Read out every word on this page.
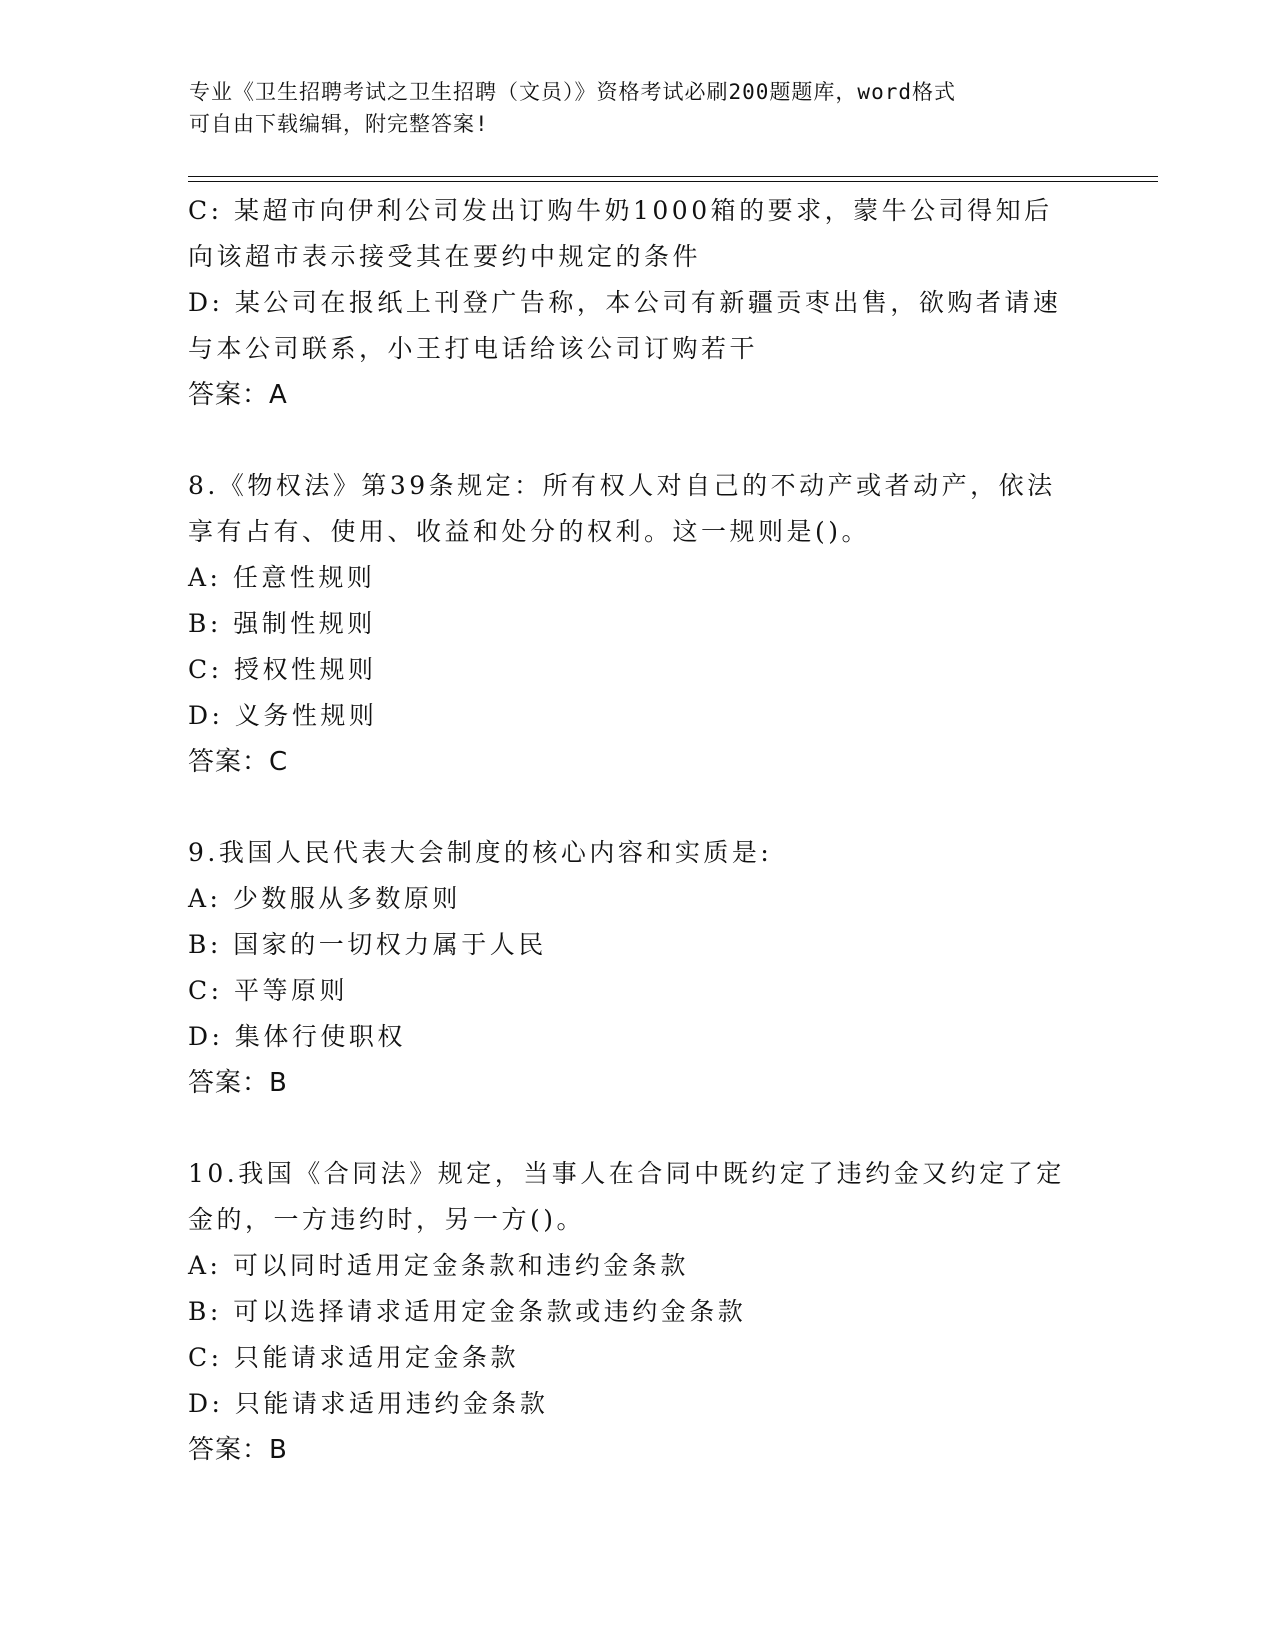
专业《卫生招聘考试之卫生招聘（文员）》资格考试必刷200题题库，word格式
可自由下载编辑，附完整答案!
C: 某超市向伊利公司发出订购牛奶1000箱的要求，蒙牛公司得知后
向该超市表示接受其在要约中规定的条件
D: 某公司在报纸上刊登广告称，本公司有新疆贡枣出售，欲购者请速
与本公司联系，小王打电话给该公司订购若干
答案：A
8.《物权法》第39条规定：所有权人对自己的不动产或者动产，依法
享有占有、使用、收益和处分的权利。这一规则是()。
A: 任意性规则
B: 强制性规则
C: 授权性规则
D: 义务性规则
答案：C
9.我国人民代表大会制度的核心内容和实质是:
A: 少数服从多数原则
B: 国家的一切权力属于人民
C: 平等原则
D: 集体行使职权
答案：B
10.我国《合同法》规定，当事人在合同中既约定了违约金又约定了定
金的，一方违约时，另一方()。
A: 可以同时适用定金条款和违约金条款
B: 可以选择请求适用定金条款或违约金条款
C: 只能请求适用定金条款
D: 只能请求适用违约金条款
答案：B
